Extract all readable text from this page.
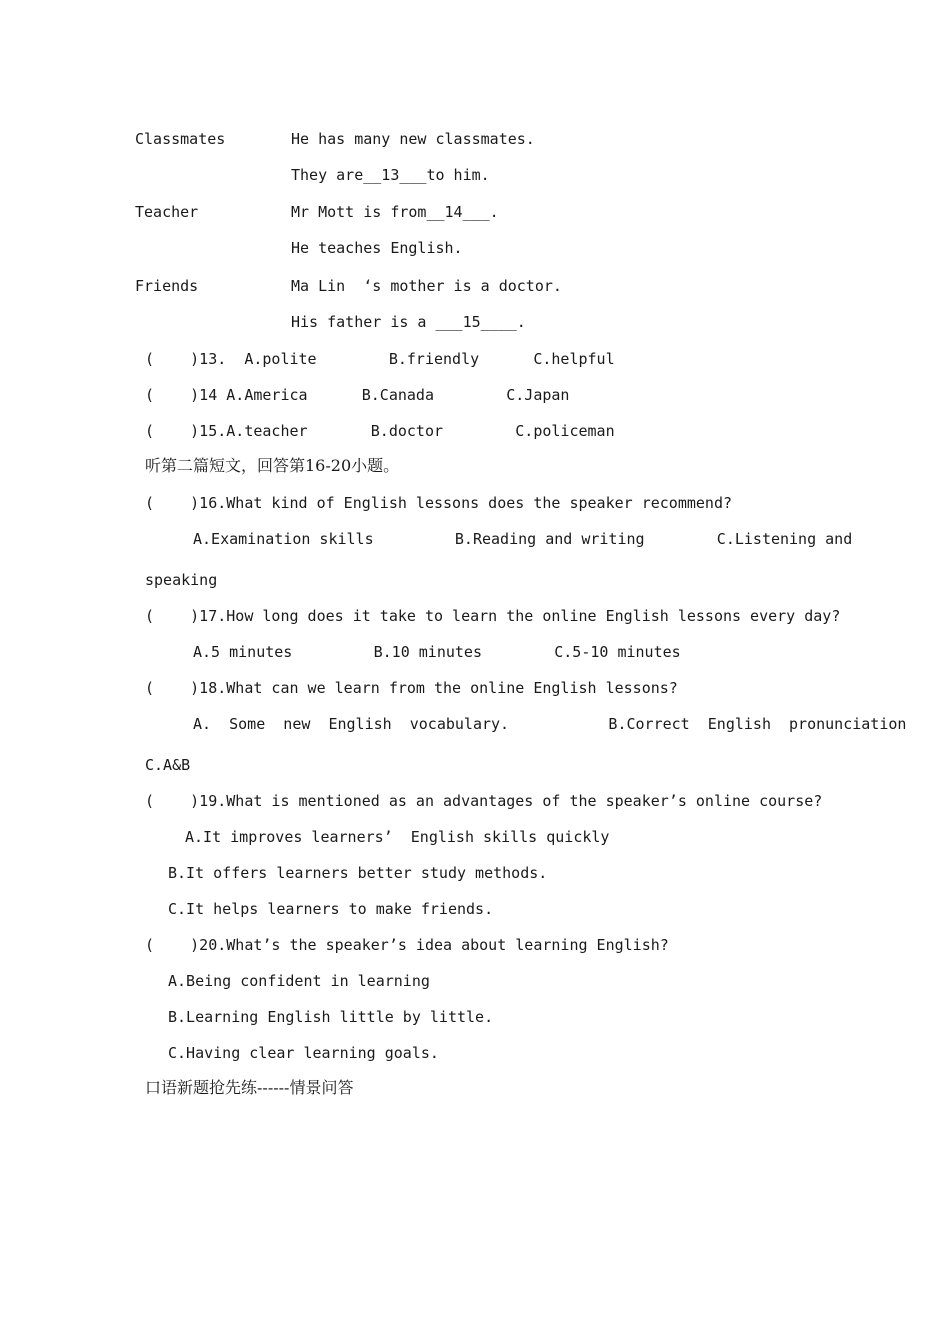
Classmates	He has many new classmates.
They are__13___to him.
Teacher	Mr Mott is from__14___.
He teaches English.
Friends	Ma Lin  ‘s mother is a doctor.
His father is a ___15____.
(    )13.  A.polite        B.friendly      C.helpful
(    )14 A.America      B.Canada        C.Japan
(    )15.A.teacher       B.doctor        C.policeman
听第二篇短文，回答第16-20小题。
(    )16.What kind of English lessons does the speaker recommend?
A.Examination skills         B.Reading and writing        C.Listening and
speaking
(    )17.How long does it take to learn the online English lessons every day?
A.5 minutes         B.10 minutes        C.5-10 minutes
(    )18.What can we learn from the online English lessons?
A.  Some  new  English  vocabulary.           B.Correct  English  pronunciation
C.A&B
(    )19.What is mentioned as an advantages of the speaker’s online course?
A.It improves learners’  English skills quickly
B.It offers learners better study methods.
C.It helps learners to make friends.
(    )20.What’s the speaker’s idea about learning English?
A.Being confident in learning
B.Learning English little by little.
C.Having clear learning goals.
口语新题抢先练------情景问答
